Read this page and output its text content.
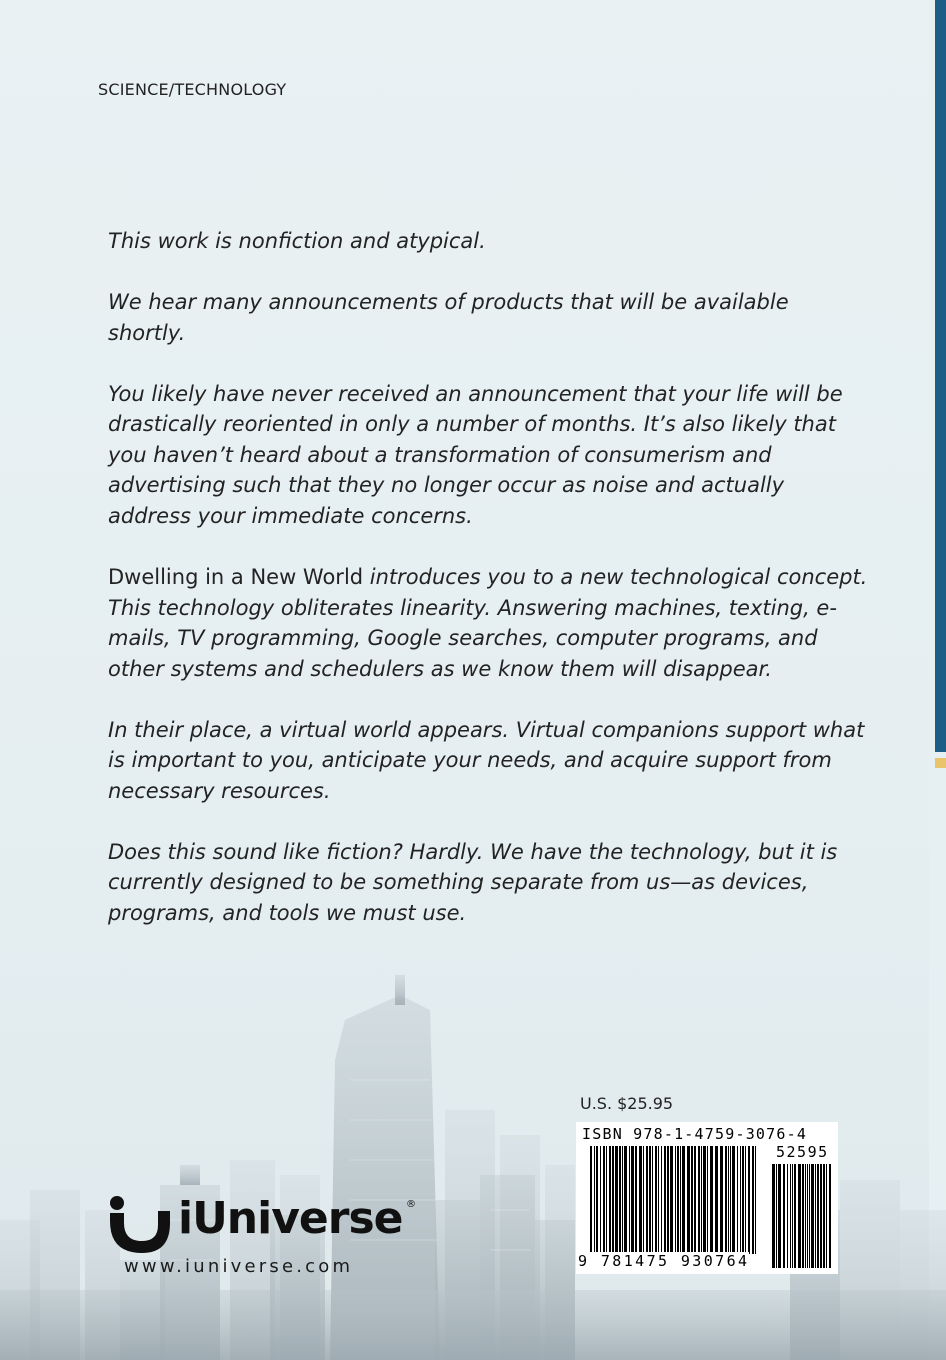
SCIENCE/TECHNOLOGY

This work is nonfiction and atypical.

We hear many announcements of products that will be available shortly.

You likely have never received an announcement that your life will be drastically reoriented in only a number of months. It’s also likely that you haven’t heard about a transformation of consumerism and advertising such that they no longer occur as noise and actually address your immediate concerns.

Dwelling in a New World introduces you to a new technological concept. This technology obliterates linearity. Answering machines, texting, e-mails, TV programming, Google searches, computer programs, and other systems and schedulers as we know them will disappear.

In their place, a virtual world appears. Virtual companions support what is important to you, anticipate your needs, and acquire support from necessary resources.

Does this sound like fiction? Hardly. We have the technology, but it is currently designed to be something separate from us—as devices, programs, and tools we must use.

iUniverse ®
www.iuniverse.com
U.S. $25.95
ISBN 978-1-4759-3076-4
52595
9 781475 930764
